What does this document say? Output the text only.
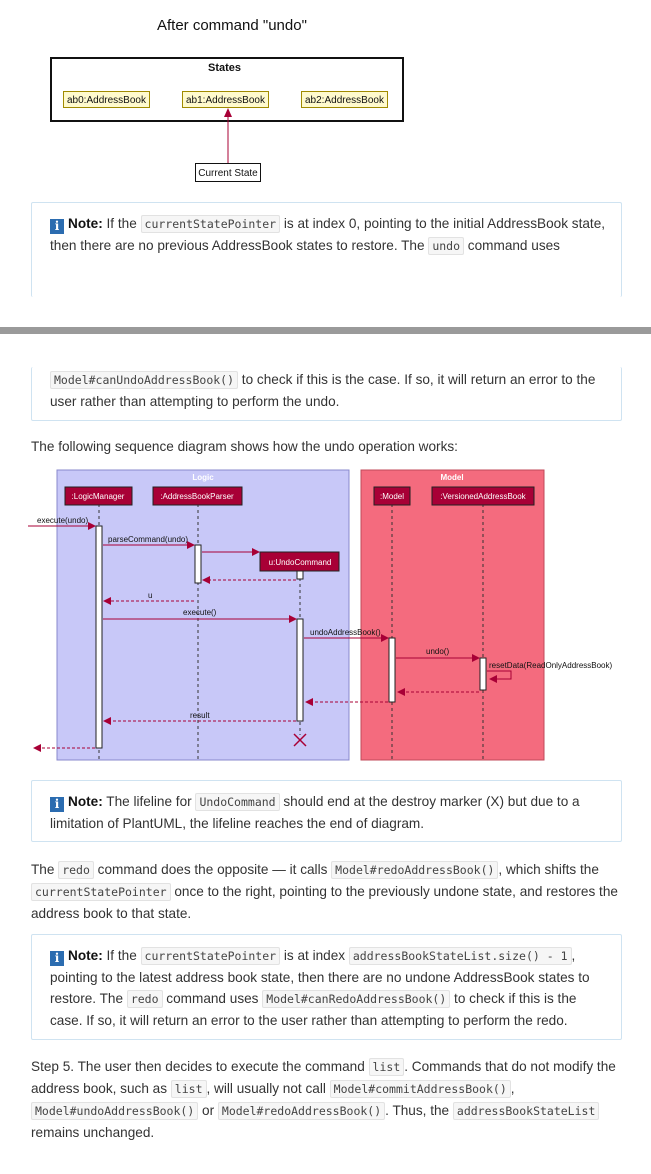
After command "undo"
States
ab0:AddressBook	ab1:AddressBook	ab2:AddressBook
Current State
i Note: If the currentStatePointer is at index 0, pointing to the initial AddressBook state, then there are no previous AddressBook states to restore. The undo command uses
Model#canUndoAddressBook() to check if this is the case. If so, it will return an error to the user rather than attempting to perform the undo.

The following sequence diagram shows how the undo operation works:

Logic	Model
:LogicManager	:AddressBookParser
u:UndoCommand
:Model	:VersionedAddressBook
execute(undo)
parseCommand(undo)
u
execute()
undoAddressBook()
undo()
resetData(ReadOnlyAddressBook)
result
i Note: The lifeline for UndoCommand should end at the destroy marker (X) but due to a limitation of PlantUML, the lifeline reaches the end of diagram.

The redo command does the opposite — it calls Model#redoAddressBook() , which shifts the currentStatePointer once to the right, pointing to the previously undone state, and restores the address book to that state.

i Note: If the currentStatePointer is at index addressBookStateList.size() - 1 , pointing to the latest address book state, then there are no undone AddressBook states to restore. The redo command uses Model#canRedoAddressBook() to check if this is the case. If so, it will return an error to the user rather than attempting to perform the redo.

Step 5. The user then decides to execute the command list . Commands that do not modify the address book, such as list , will usually not call Model#commitAddressBook() , Model#undoAddressBook() or Model#redoAddressBook() . Thus, the addressBookStateList remains unchanged.
